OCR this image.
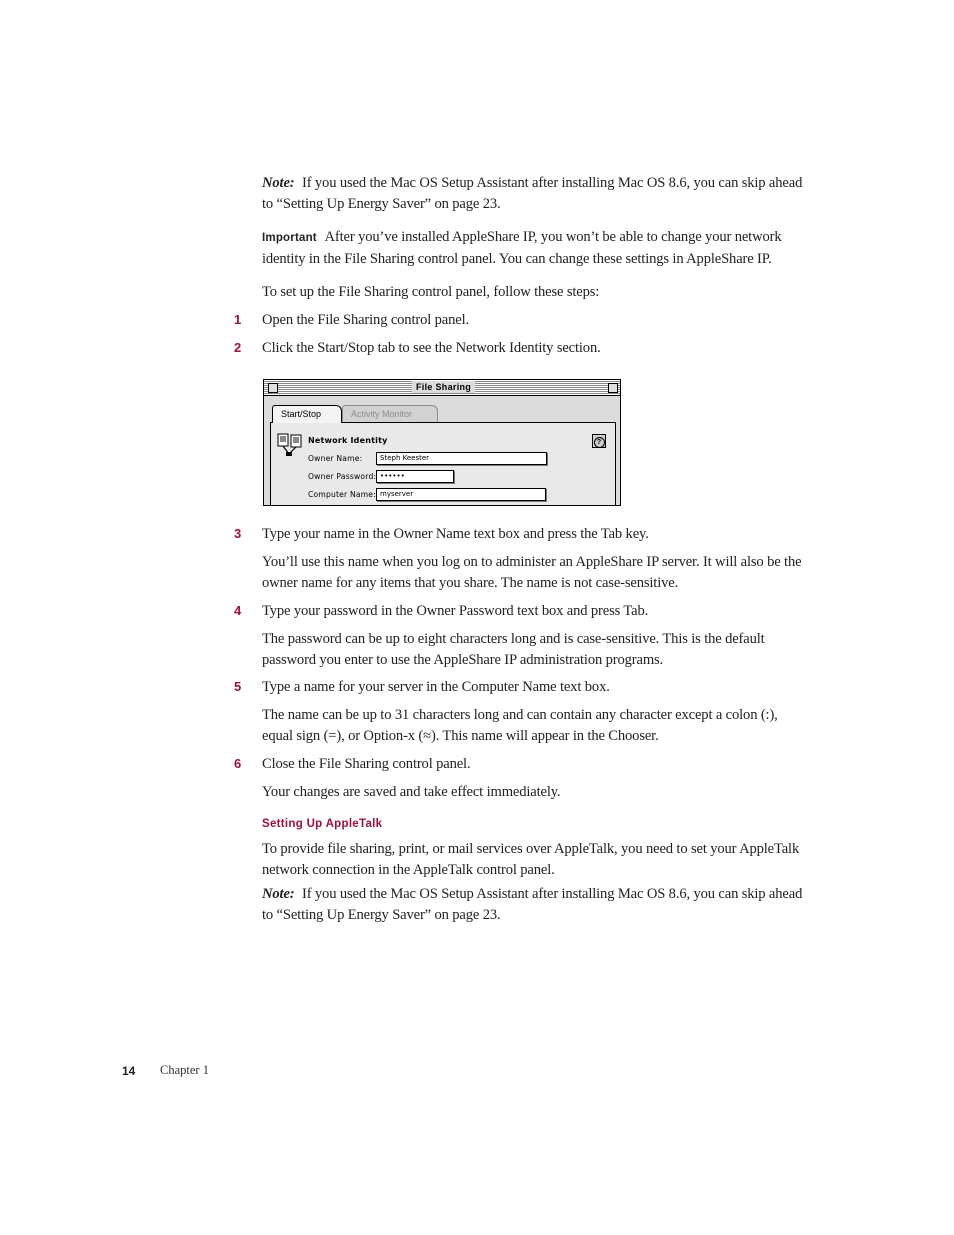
Note: If you used the Mac OS Setup Assistant after installing Mac OS 8.6, you can skip ahead to “Setting Up Energy Saver” on page 23.
Important After you’ve installed AppleShare IP, you won’t be able to change your network identity in the File Sharing control panel. You can change these settings in AppleShare IP.
To set up the File Sharing control panel, follow these steps:
1	Open the File Sharing control panel.
2	Click the Start/Stop tab to see the Network Identity section.
File Sharing
Start/Stop	Activity Monitor
Network Identity	?
Owner Name:	Steph Keester
Owner Password: ••••••
Computer Name: myserver
3	Type your name in the Owner Name text box and press the Tab key.
You’ll use this name when you log on to administer an AppleShare IP server. It will also be the owner name for any items that you share. The name is not case-sensitive.
4	Type your password in the Owner Password text box and press Tab.
The password can be up to eight characters long and is case-sensitive. This is the default password you enter to use the AppleShare IP administration programs.
5	Type a name for your server in the Computer Name text box.
The name can be up to 31 characters long and can contain any character except a colon (:), equal sign (=), or Option-x (≈). This name will appear in the Chooser.
6	Close the File Sharing control panel.
Your changes are saved and take effect immediately.
Setting Up AppleTalk
To provide file sharing, print, or mail services over AppleTalk, you need to set your AppleTalk network connection in the AppleTalk control panel.
Note: If you used the Mac OS Setup Assistant after installing Mac OS 8.6, you can skip ahead to “Setting Up Energy Saver” on page 23.
14 Chapter 1
